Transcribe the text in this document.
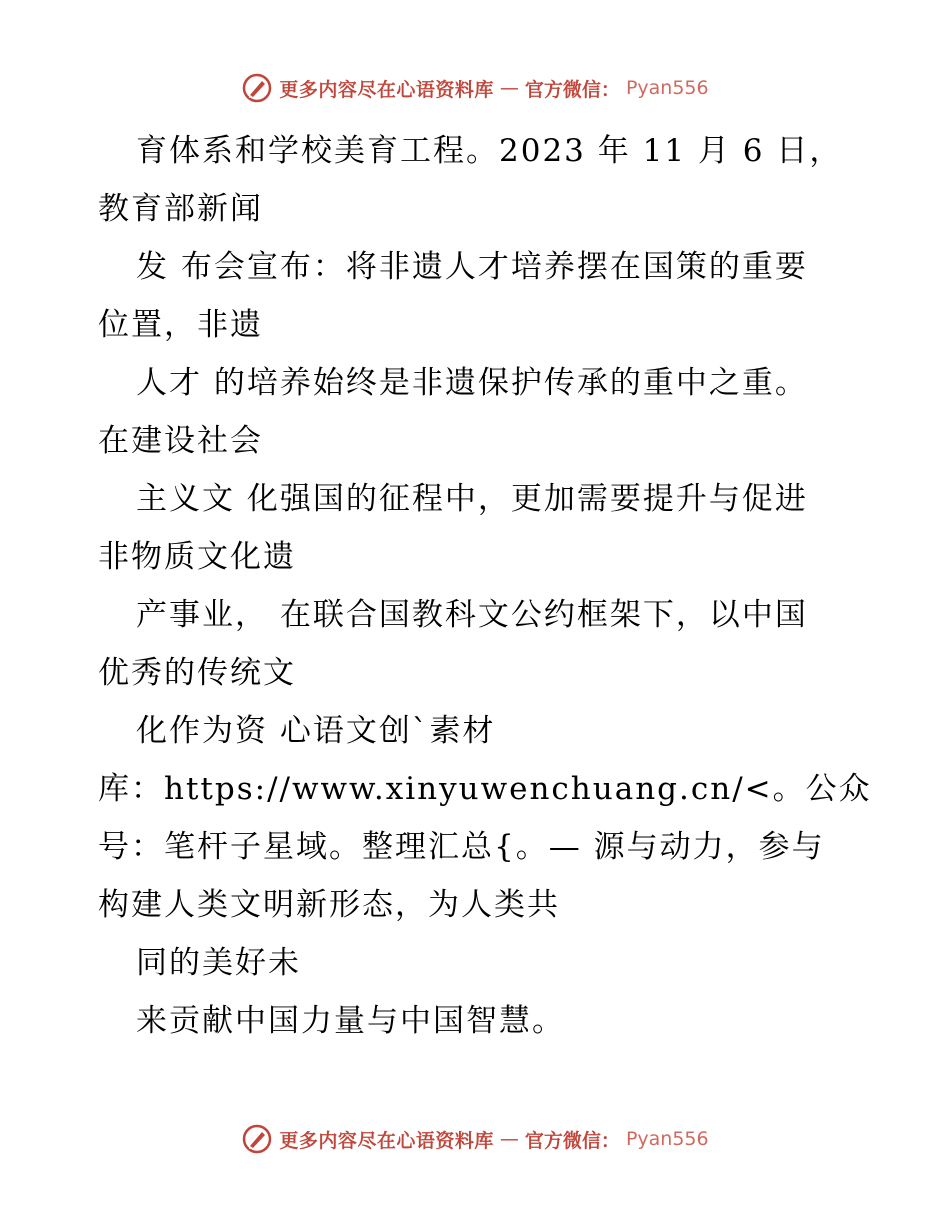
更多内容尽在心语资料库 — 官方微信： Pyan556
育体系和学校美育工程。2023 年 11 月 6 日，
教育部新闻
发 布会宣布：将非遗人才培养摆在国策的重要
位置，非遗
人才 的培养始终是非遗保护传承的重中之重。
在建设社会
主义文 化强国的征程中，更加需要提升与促进
非物质文化遗
产事业， 在联合国教科文公约框架下，以中国
优秀的传统文
化作为资 心语文创`素材
库：https://www.xinyuwenchuang.cn/<。公众
号：笔杆子星域。整理汇总{。— 源与动力，参与
构建人类文明新形态，为人类共
同的美好未
来贡献中国力量与中国智慧。
更多内容尽在心语资料库 — 官方微信： Pyan556
